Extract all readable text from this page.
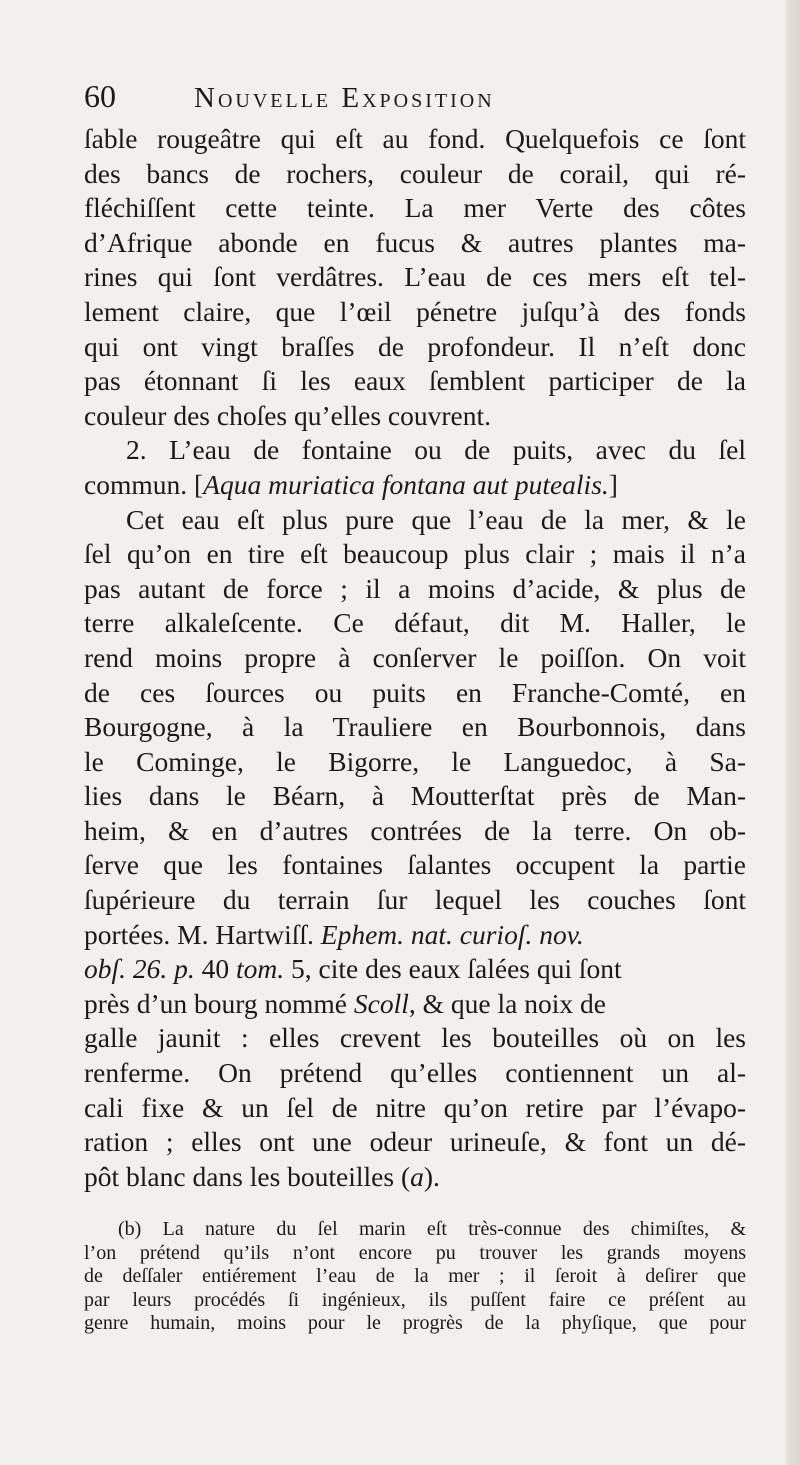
60	Nouvelle Exposition
ſable rougeâtre qui eſt au fond. Quelquefois ce ſont
des bancs de rochers, couleur de corail, qui ré-
fléchiſſent cette teinte. La mer Verte des côtes
d’Afrique abonde en fucus & autres plantes ma-
rines qui ſont verdâtres. L’eau de ces mers eſt tel-
lement claire, que l’œil pénetre juſqu’à des fonds
qui ont vingt braſſes de profondeur. Il n’eſt donc
pas étonnant ſi les eaux ſemblent participer de la
couleur des choſes qu’elles couvrent.
2. L’eau de fontaine ou de puits, avec du ſel
commun. [Aqua muriatica fontana aut putealis.]
Cet eau eſt plus pure que l’eau de la mer, & le
ſel qu’on en tire eſt beaucoup plus clair ; mais il n’a
pas autant de force ; il a moins d’acide, & plus de
terre alkaleſcente. Ce défaut, dit M. Haller, le
rend moins propre à conſerver le poiſſon. On voit
de ces ſources ou puits en Franche-Comté, en
Bourgogne, à la Trauliere en Bourbonnois, dans
le Cominge, le Bigorre, le Languedoc, à Sa-
lies dans le Béarn, à Moutterſtat près de Man-
heim, & en d’autres contrées de la terre. On ob-
ſerve que les fontaines ſalantes occupent la partie
ſupérieure du terrain ſur lequel les couches ſont
portées. M. Hartwiſſ. Ephem. nat. curioſ. nov.
obſ. 26. p. 40 tom. 5, cite des eaux ſalées qui ſont
près d’un bourg nommé Scoll, & que la noix de
galle jaunit : elles crevent les bouteilles où on les
renferme. On prétend qu’elles contiennent un al-
cali fixe & un ſel de nitre qu’on retire par l’évapo-
ration ; elles ont une odeur urineuſe, & font un dé-
pôt blanc dans les bouteilles (a).
(b) La nature du ſel marin eſt très-connue des chimiſtes, &
l’on prétend qu’ils n’ont encore pu trouver les grands moyens
de deſſaler entiérement l’eau de la mer ; il ſeroit à deſirer que
par leurs procédés ſi ingénieux, ils puſſent faire ce préſent au
genre humain, moins pour le progrès de la phyſique, que pour
